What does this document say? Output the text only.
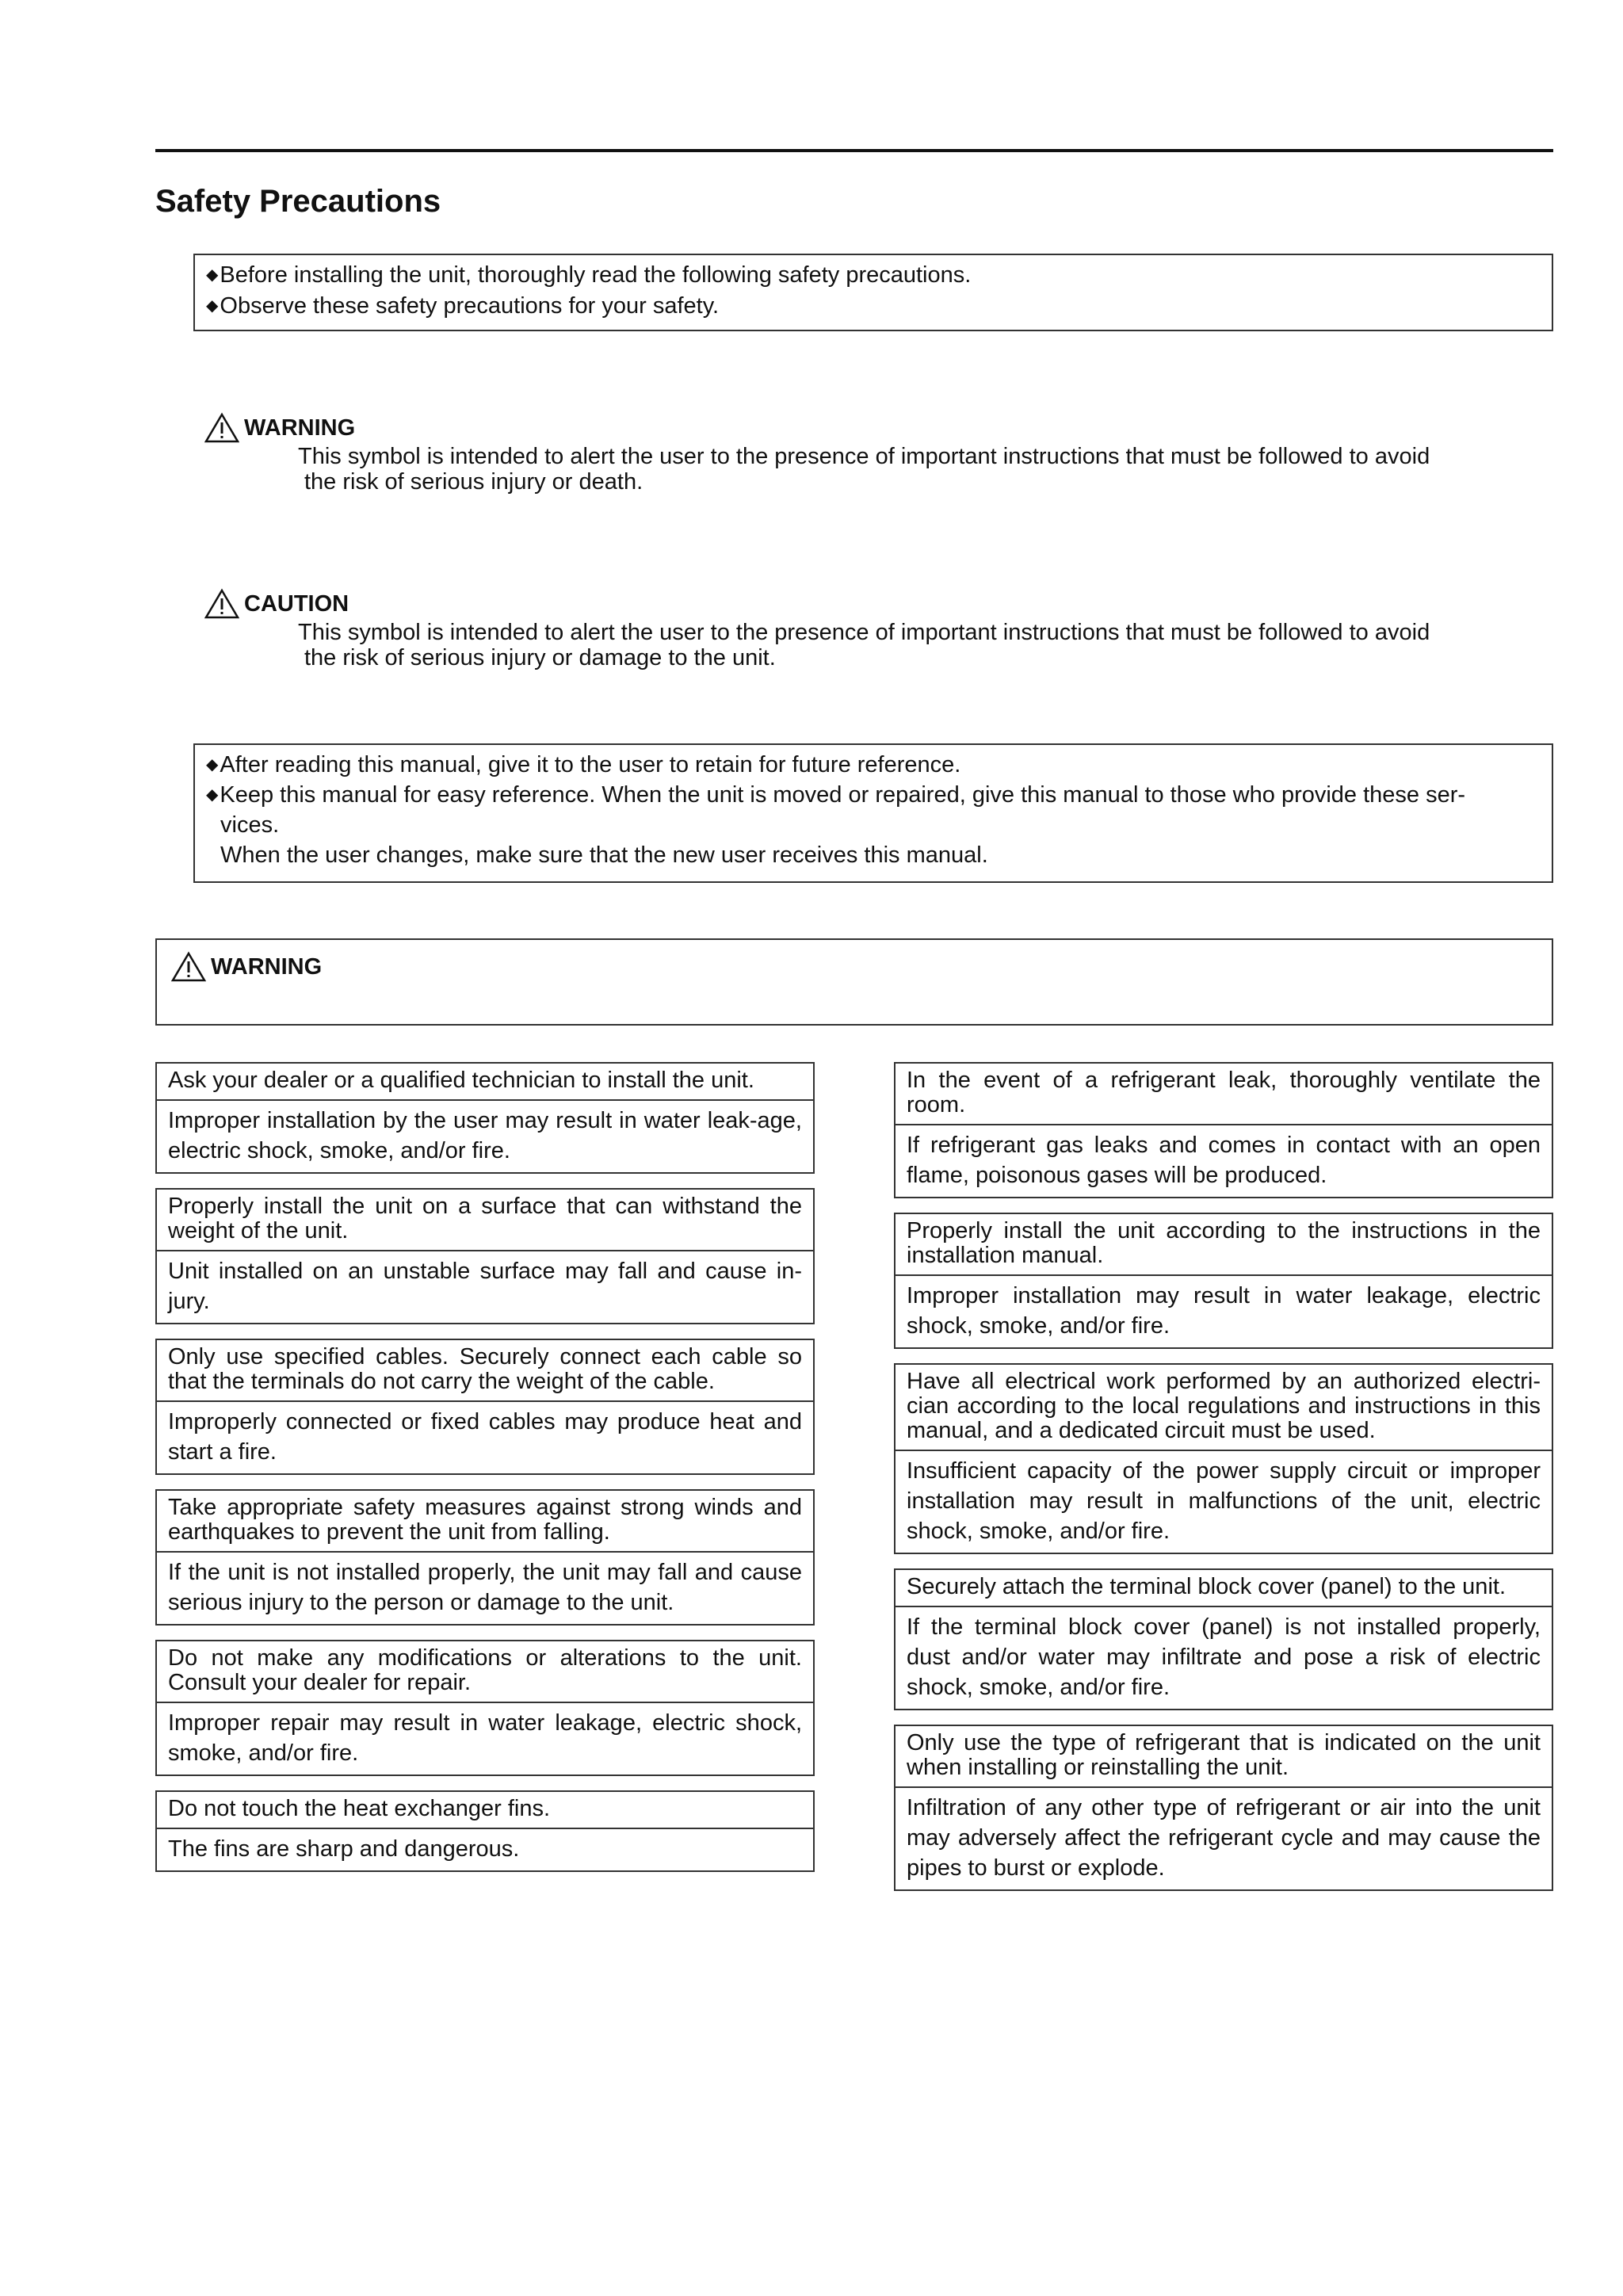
Safety Precautions

◆Before installing the unit, thoroughly read the following safety precautions.

◆Observe these safety precautions for your safety.

WARNING

This symbol is intended to alert the user to the presence of important instructions that must be followed to avoid
the risk of serious injury or death.

CAUTION

This symbol is intended to alert the user to the presence of important instructions that must be followed to avoid
the risk of serious injury or damage to the unit.

◆After reading this manual, give it to the user to retain for future reference.

◆Keep this manual for easy reference. When the unit is moved or repaired, give this manual to those who provide these ser-

vices.

When the user changes, make sure that the new user receives this manual.

WARNING
Ask your dealer or a qualified technician to install the unit.
Improper installation by the user may result in water leak-age, electric shock, smoke, and/or fire.
Properly install the unit on a surface that can withstand the weight of the unit.
Unit installed on an unstable surface may fall and cause in-jury.
Only use specified cables. Securely connect each cable so that the terminals do not carry the weight of the cable.
Improperly connected or fixed cables may produce heat and start a fire.
Take appropriate safety measures against strong winds and earthquakes to prevent the unit from falling.
If the unit is not installed properly, the unit may fall and cause serious injury to the person or damage to the unit.
Do not make any modifications or alterations to the unit. Consult your dealer for repair.
Improper repair may result in water leakage, electric shock, smoke, and/or fire.
Do not touch the heat exchanger fins.
The fins are sharp and dangerous.
In the event of a refrigerant leak, thoroughly ventilate the room.
If refrigerant gas leaks and comes in contact with an open flame, poisonous gases will be produced.
Properly install the unit according to the instructions in the installation manual.
Improper installation may result in water leakage, electric shock, smoke, and/or fire.
Have all electrical work performed by an authorized electri-cian according to the local regulations and instructions in this manual, and a dedicated circuit must be used.
Insufficient capacity of the power supply circuit or improper installation may result in malfunctions of the unit, electric shock, smoke, and/or fire.
Securely attach the terminal block cover (panel) to the unit.
If the terminal block cover (panel) is not installed properly, dust and/or water may infiltrate and pose a risk of electric shock, smoke, and/or fire.
Only use the type of refrigerant that is indicated on the unit when installing or reinstalling the unit.
Infiltration of any other type of refrigerant or air into the unit may adversely affect the refrigerant cycle and may cause the pipes to burst or explode.
